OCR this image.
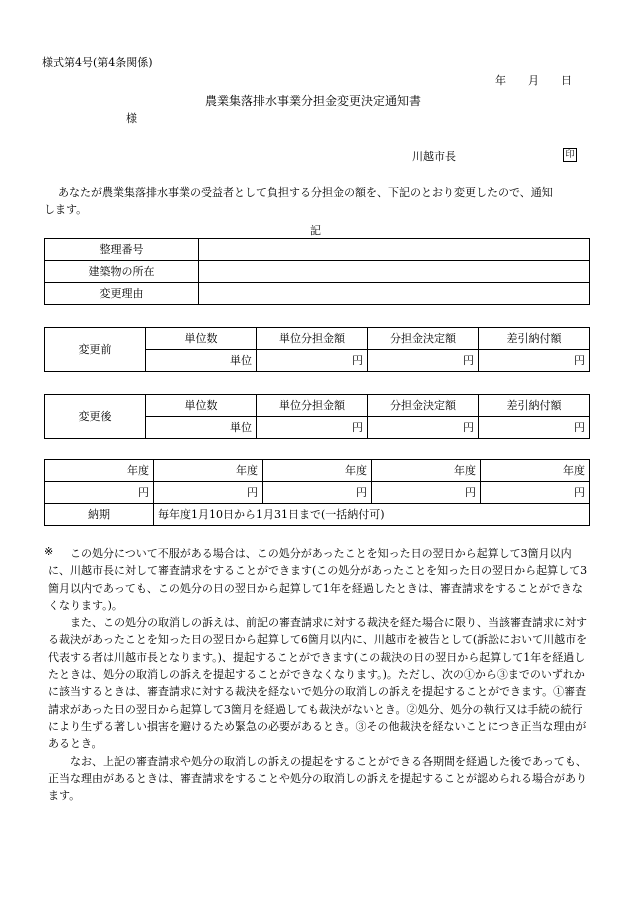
様式第4号(第4条関係)
年　　月　　日
農業集落排水事業分担金変更決定通知書
様
川越市長	印
あなたが農業集落排水事業の受益者として負担する分担金の額を、下記のとおり変更したので、通知
します。
記
整理番号	
建築物の所在	
変更理由	
変更前	単位数	単位分担金額	分担金決定額	差引納付額
	単位	円	円	円
変更後	単位数	単位分担金額	分担金決定額	差引納付額
	単位	円	円	円
年度	年度	年度	年度	年度
円	円	円	円	円
納期	毎年度1月10日から1月31日まで(一括納付可)			
※	この処分について不服がある場合は、この処分があったことを知った日の翌日から起算して3箇月以内に、川越市長に対して審査請求をすることができます(この処分があったことを知った日の翌日から起算して3箇月以内であっても、この処分の日の翌日から起算して1年を経過したときは、審査請求をすることができなくなります。)。

また、この処分の取消しの訴えは、前記の審査請求に対する裁決を経た場合に限り、当該審査請求に対する裁決があったことを知った日の翌日から起算して6箇月以内に、川越市を被告として(訴訟において川越市を代表する者は川越市長となります。)、提起することができます(この裁決の日の翌日から起算して1年を経過したときは、処分の取消しの訴えを提起することができなくなります。)。ただし、次の①から③までのいずれかに該当するときは、審査請求に対する裁決を経ないで処分の取消しの訴えを提起することができます。①審査請求があった日の翌日から起算して3箇月を経過しても裁決がないとき。②処分、処分の執行又は手続の続行により生ずる著しい損害を避けるため緊急の必要があるとき。③その他裁決を経ないことにつき正当な理由があるとき。

なお、上記の審査請求や処分の取消しの訴えの提起をすることができる各期間を経過した後であっても、正当な理由があるときは、審査請求をすることや処分の取消しの訴えを提起することが認められる場合があります。
